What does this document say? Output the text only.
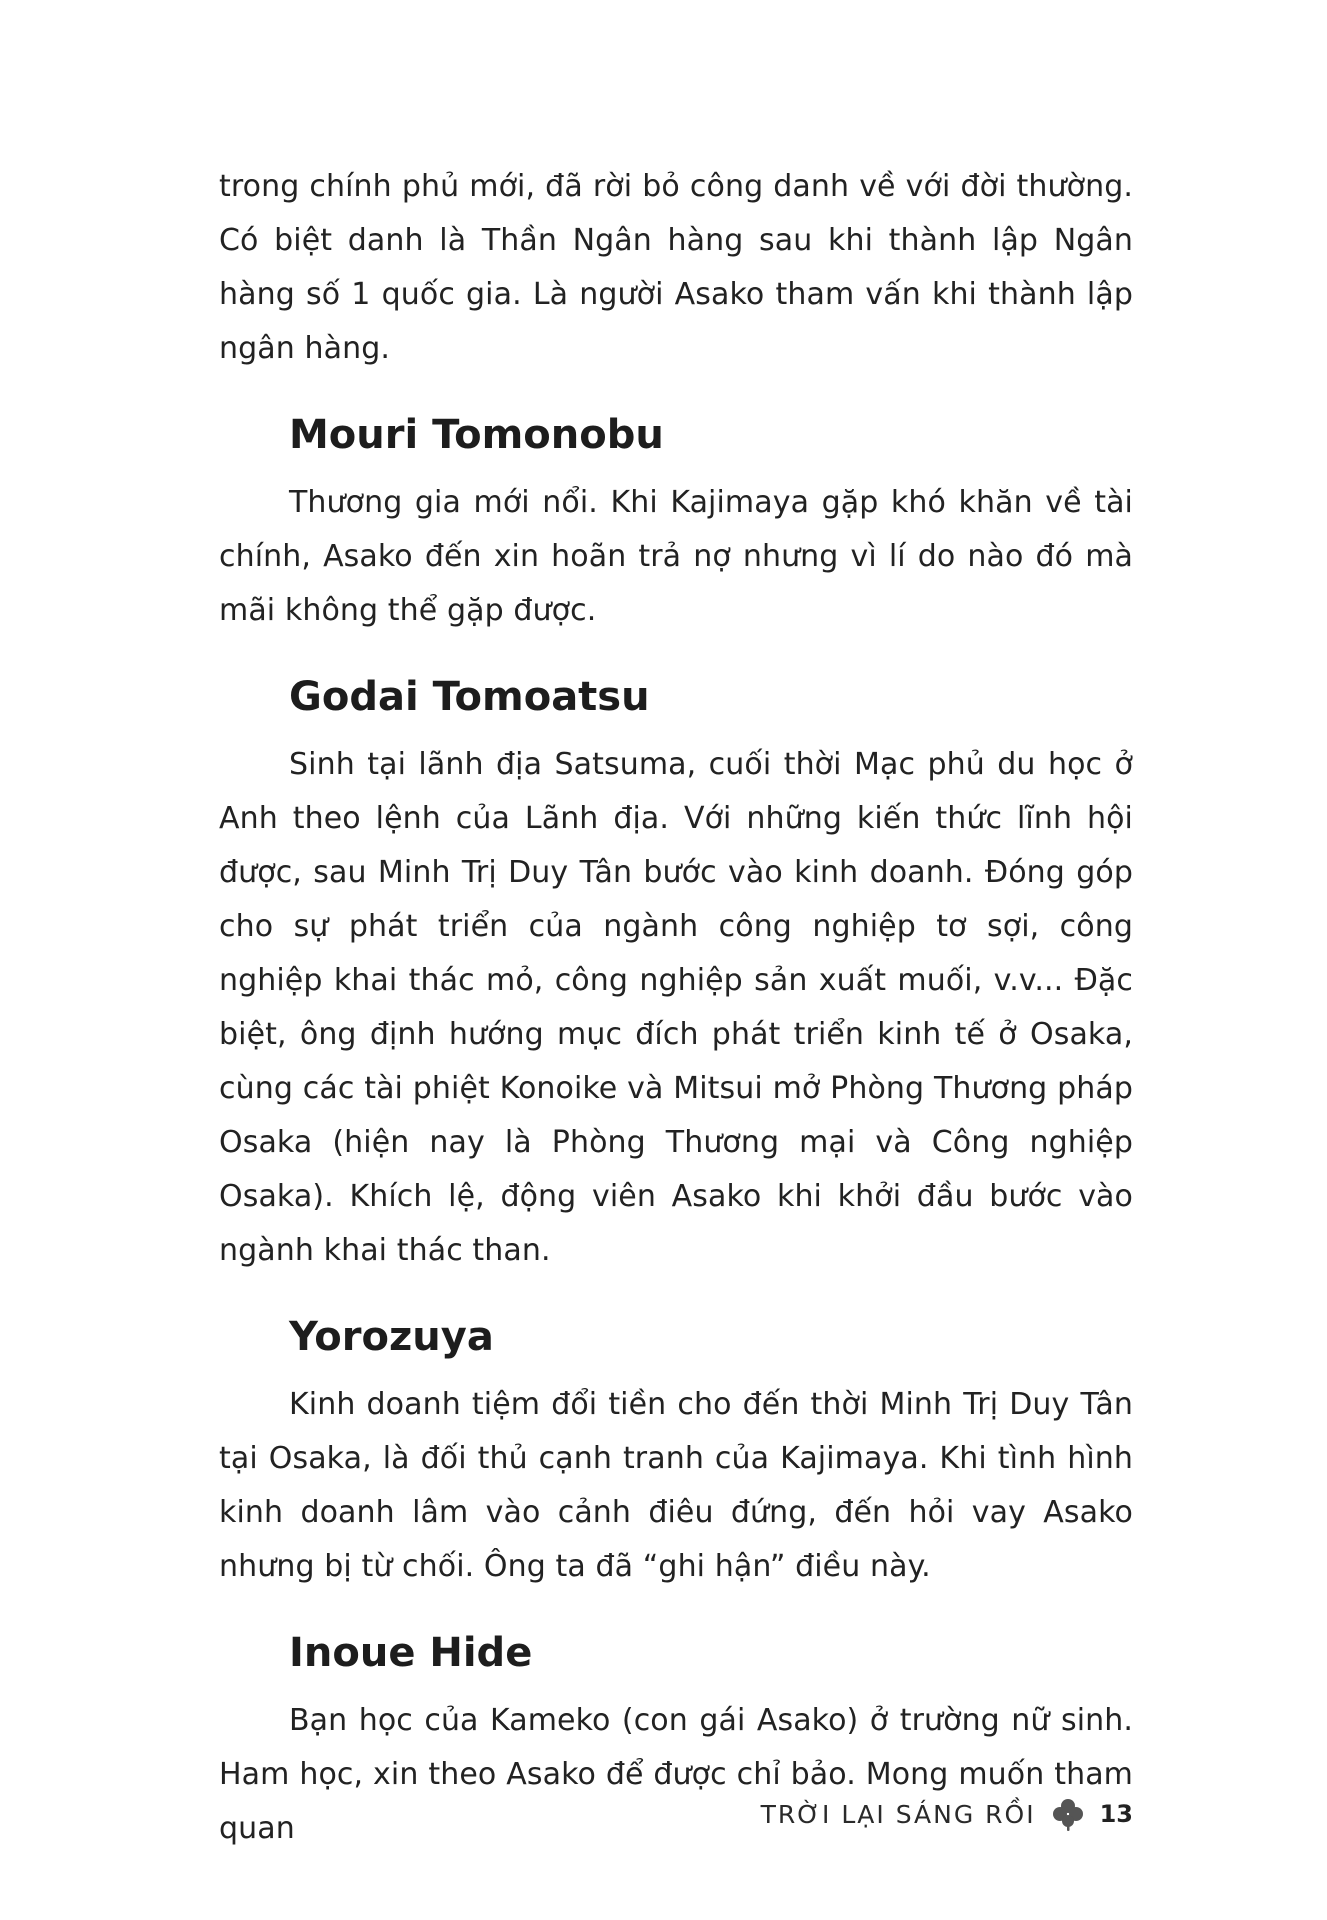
trong chính phủ mới, đã rời bỏ công danh về với đời thường. Có biệt danh là Thần Ngân hàng sau khi thành lập Ngân hàng số 1 quốc gia. Là người Asako tham vấn khi thành lập ngân hàng.

Mouri Tomonobu

Thương gia mới nổi. Khi Kajimaya gặp khó khăn về tài chính, Asako đến xin hoãn trả nợ nhưng vì lí do nào đó mà mãi không thể gặp được.

Godai Tomoatsu

Sinh tại lãnh địa Satsuma, cuối thời Mạc phủ du học ở Anh theo lệnh của Lãnh địa. Với những kiến thức lĩnh hội được, sau Minh Trị Duy Tân bước vào kinh doanh. Đóng góp cho sự phát triển của ngành công nghiệp tơ sợi, công nghiệp khai thác mỏ, công nghiệp sản xuất muối, v.v... Đặc biệt, ông định hướng mục đích phát triển kinh tế ở Osaka, cùng các tài phiệt Konoike và Mitsui mở Phòng Thương pháp Osaka (hiện nay là Phòng Thương mại và Công nghiệp Osaka). Khích lệ, động viên Asako khi khởi đầu bước vào ngành khai thác than.

Yorozuya

Kinh doanh tiệm đổi tiền cho đến thời Minh Trị Duy Tân tại Osaka, là đối thủ cạnh tranh của Kajimaya. Khi tình hình kinh doanh lâm vào cảnh điêu đứng, đến hỏi vay Asako nhưng bị từ chối. Ông ta đã “ghi hận” điều này.

Inoue Hide

Bạn học của Kameko (con gái Asako) ở trường nữ sinh. Ham học, xin theo Asako để được chỉ bảo. Mong muốn tham quan	TRỜI LẠI SÁNG RỒI	13
